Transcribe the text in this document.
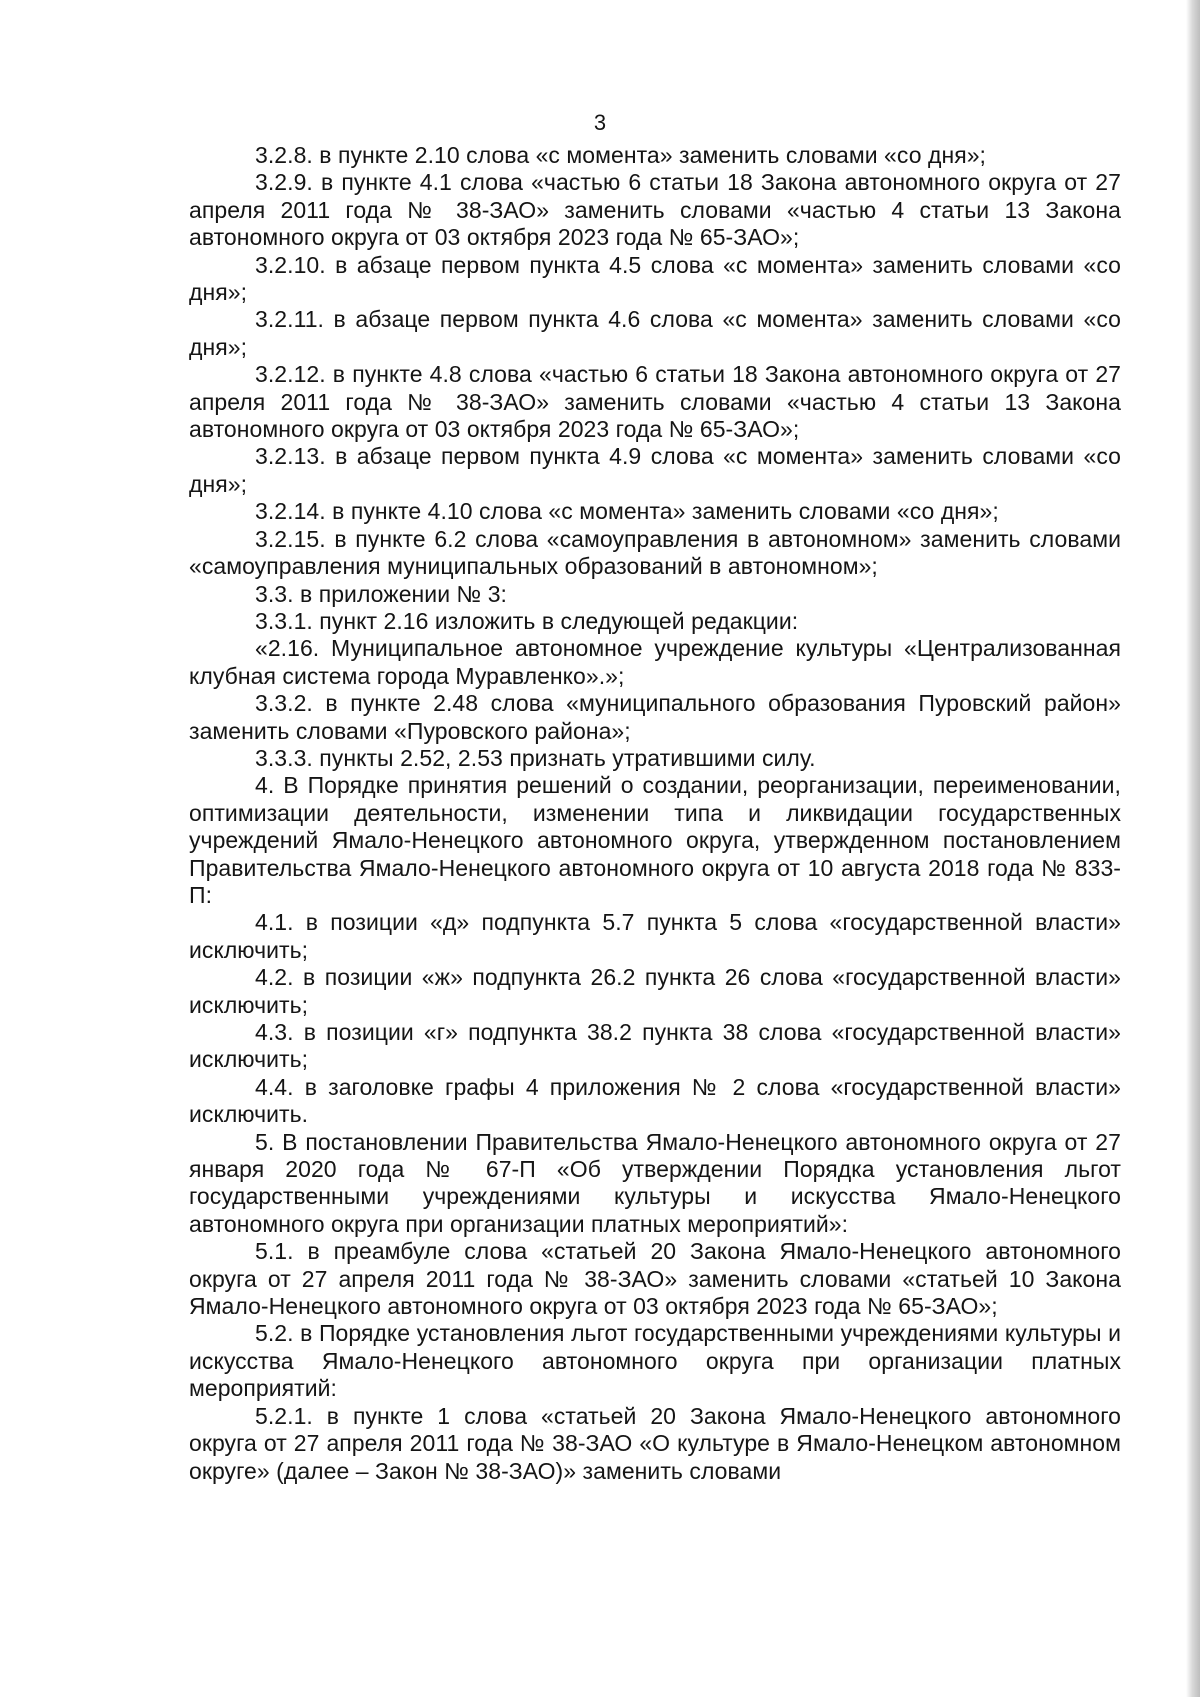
3

3.2.8. в пункте 2.10 слова «с момента» заменить словами «со дня»;

3.2.9. в пункте 4.1 слова «частью 6 статьи 18 Закона автономного округа от 27 апреля 2011 года № 38-ЗАО» заменить словами «частью 4 статьи 13 Закона автономного округа от 03 октября 2023 года № 65-ЗАО»;

3.2.10. в абзаце первом пункта 4.5 слова «с момента» заменить словами «со дня»;

3.2.11. в абзаце первом пункта 4.6 слова «с момента» заменить словами «со дня»;

3.2.12. в пункте 4.8 слова «частью 6 статьи 18 Закона автономного округа от 27 апреля 2011 года № 38-ЗАО» заменить словами «частью 4 статьи 13 Закона автономного округа от 03 октября 2023 года № 65-ЗАО»;

3.2.13. в абзаце первом пункта 4.9 слова «с момента» заменить словами «со дня»;

3.2.14. в пункте 4.10 слова «с момента» заменить словами «со дня»;

3.2.15. в пункте 6.2 слова «самоуправления в автономном» заменить словами «самоуправления муниципальных образований в автономном»;

3.3. в приложении № 3:

3.3.1. пункт 2.16 изложить в следующей редакции:

«2.16. Муниципальное автономное учреждение культуры «Централизованная клубная система города Муравленко».»;

3.3.2. в пункте 2.48 слова «муниципального образования Пуровский район» заменить словами «Пуровского района»;

3.3.3. пункты 2.52, 2.53 признать утратившими силу.

4. В Порядке принятия решений о создании, реорганизации, переименовании, оптимизации деятельности, изменении типа и ликвидации государственных учреждений Ямало-Ненецкого автономного округа, утвержденном постановлением Правительства Ямало-Ненецкого автономного округа от 10 августа 2018 года № 833-П:

4.1. в позиции «д» подпункта 5.7 пункта 5 слова «государственной власти» исключить;

4.2. в позиции «ж» подпункта 26.2 пункта 26 слова «государственной власти» исключить;

4.3. в позиции «г» подпункта 38.2 пункта 38 слова «государственной власти» исключить;

4.4. в заголовке графы 4 приложения № 2 слова «государственной власти» исключить.

5. В постановлении Правительства Ямало-Ненецкого автономного округа от 27 января 2020 года № 67-П «Об утверждении Порядка установления льгот государственными учреждениями культуры и искусства Ямало-Ненецкого автономного округа при организации платных мероприятий»:

5.1. в преамбуле слова «статьей 20 Закона Ямало-Ненецкого автономного округа от 27 апреля 2011 года № 38-ЗАО» заменить словами «статьей 10 Закона Ямало-Ненецкого автономного округа от 03 октября 2023 года № 65-ЗАО»;

5.2. в Порядке установления льгот государственными учреждениями культуры и искусства Ямало-Ненецкого автономного округа при организации платных мероприятий:

5.2.1. в пункте 1 слова «статьей 20 Закона Ямало-Ненецкого автономного округа от 27 апреля 2011 года № 38-ЗАО «О культуре в Ямало-Ненецком автономном округе» (далее – Закон № 38-ЗАО)» заменить словами
